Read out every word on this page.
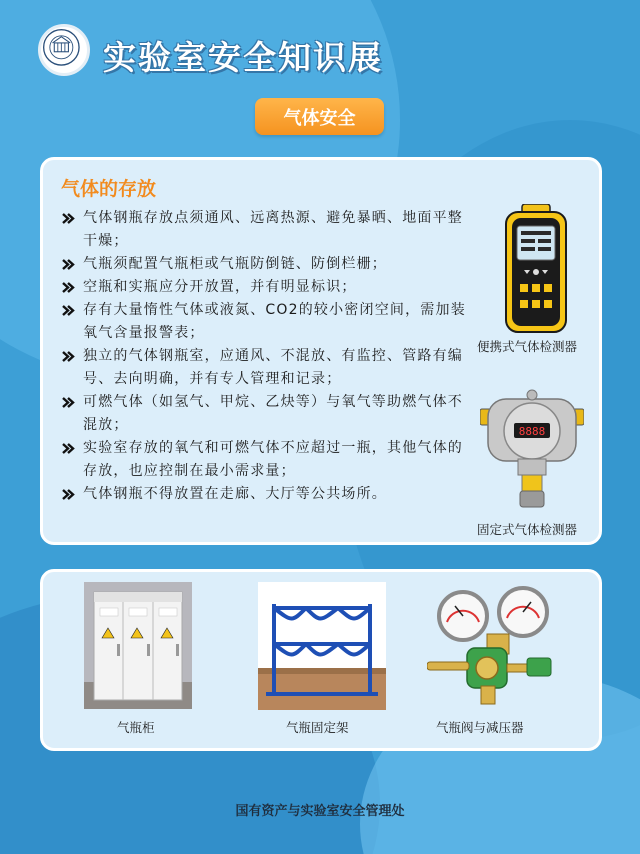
实验室安全知识展
气体安全
气体的存放
气体钢瓶存放点须通风、远离热源、避免暴晒、地面平整干燥；
气瓶须配置气瓶柜或气瓶防倒链、防倒栏栅；
空瓶和实瓶应分开放置，并有明显标识；
存有大量惰性气体或液氮、CO2的较小密闭空间，需加装氧气含量报警表；
独立的气体钢瓶室，应通风、不混放、有监控、管路有编号、去向明确，并有专人管理和记录；
可燃气体（如氢气、甲烷、乙炔等）与氧气等助燃气体不混放；
实验室存放的氧气和可燃气体不应超过一瓶，其他气体的存放，也应控制在最小需求量；
气体钢瓶不得放置在走廊、大厅等公共场所。
便携式气体检测器
8888
固定式气体检测器
气瓶柜	气瓶固定架	气瓶阀与减压器
国有资产与实验室安全管理处
